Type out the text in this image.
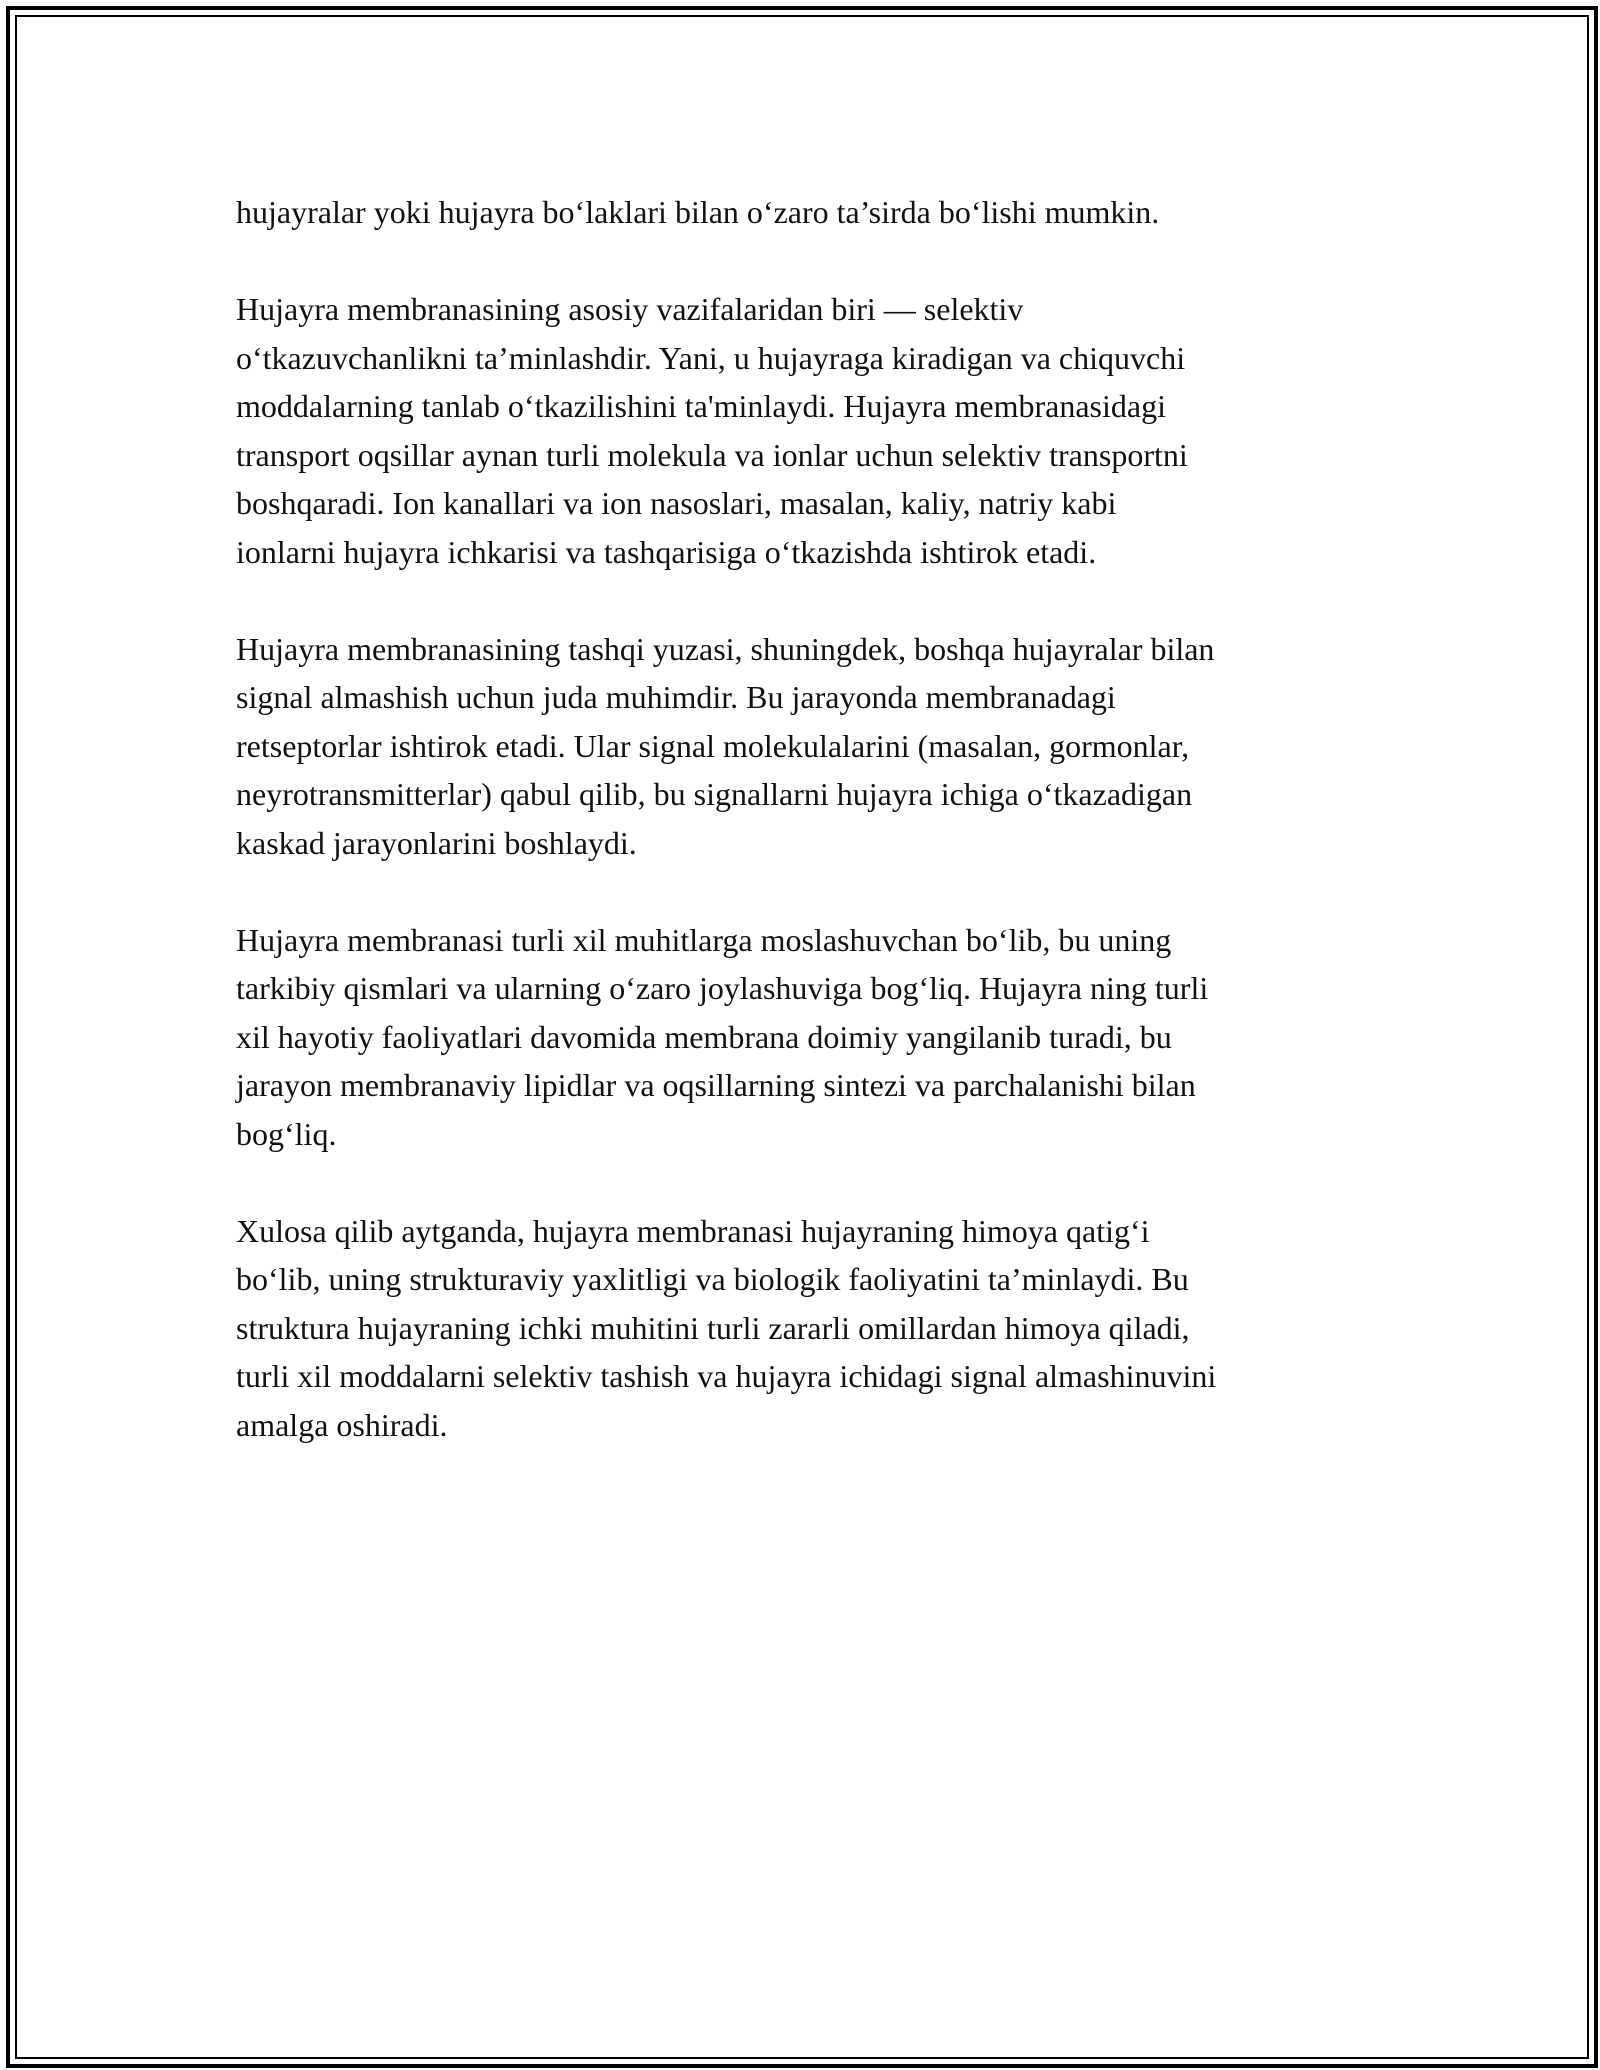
hujayralar yoki hujayra bo‘laklari bilan o‘zaro ta’sirda bo‘lishi mumkin.

Hujayra membranasining asosiy vazifalaridan biri — selektiv
o‘tkazuvchanlikni ta’minlashdir. Yani, u hujayraga kiradigan va chiquvchi
moddalarning tanlab o‘tkazilishini ta'minlaydi. Hujayra membranasidagi
transport oqsillar aynan turli molekula va ionlar uchun selektiv transportni
boshqaradi. Ion kanallari va ion nasoslari, masalan, kaliy, natriy kabi
ionlarni hujayra ichkarisi va tashqarisiga o‘tkazishda ishtirok etadi.

Hujayra membranasining tashqi yuzasi, shuningdek, boshqa hujayralar bilan
signal almashish uchun juda muhimdir. Bu jarayonda membranadagi
retseptorlar ishtirok etadi. Ular signal molekulalarini (masalan, gormonlar,
neyrotransmitterlar) qabul qilib, bu signallarni hujayra ichiga o‘tkazadigan
kaskad jarayonlarini boshlaydi.

Hujayra membranasi turli xil muhitlarga moslashuvchan bo‘lib, bu uning
tarkibiy qismlari va ularning o‘zaro joylashuviga bog‘liq. Hujayra ning turli
xil hayotiy faoliyatlari davomida membrana doimiy yangilanib turadi, bu
jarayon membranaviy lipidlar va oqsillarning sintezi va parchalanishi bilan
bog‘liq.

Xulosa qilib aytganda, hujayra membranasi hujayraning himoya qatig‘i
bo‘lib, uning strukturaviy yaxlitligi va biologik faoliyatini ta’minlaydi. Bu
struktura hujayraning ichki muhitini turli zararli omillardan himoya qiladi,
turli xil moddalarni selektiv tashish va hujayra ichidagi signal almashinuvini
amalga oshiradi.
